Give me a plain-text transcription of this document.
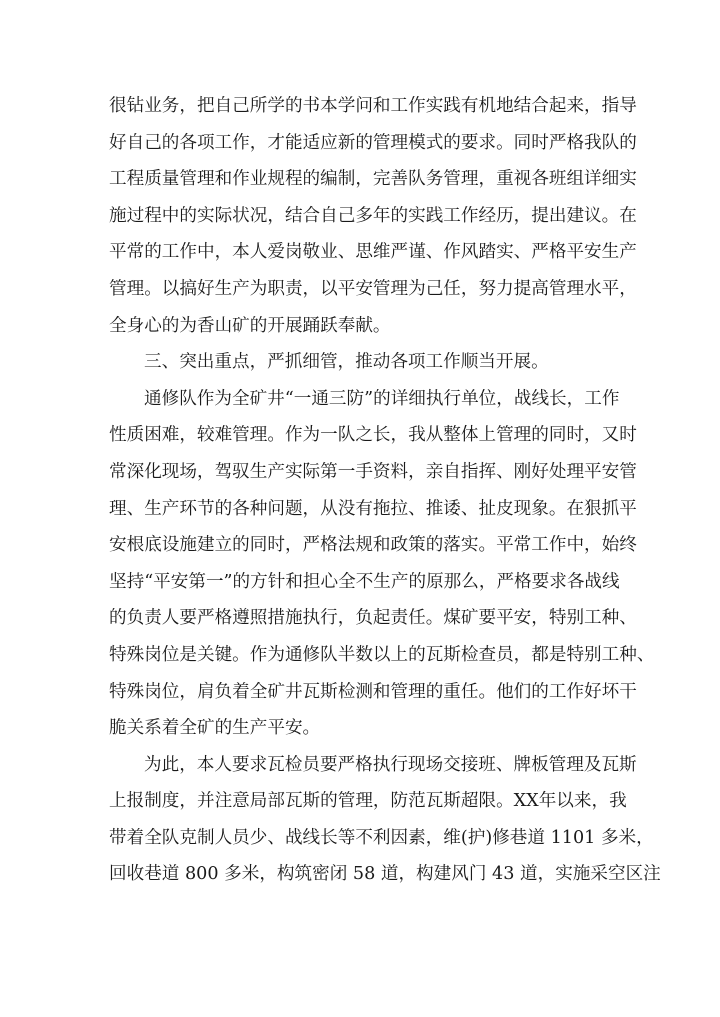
很钻业务，把自己所学的书本学问和工作实践有机地结合起来，指导
好自己的各项工作，才能适应新的管理模式的要求。同时严格我队的
工程质量管理和作业规程的编制，完善队务管理，重视各班组详细实
施过程中的实际状况，结合自己多年的实践工作经历，提出建议。在
平常的工作中，本人爱岗敬业、思维严谨、作风踏实、严格平安生产
管理。以搞好生产为职责，以平安管理为己任，努力提高管理水平，
全身心的为香山矿的开展踊跃奉献。
三、突出重点，严抓细管，推动各项工作顺当开展。
通修队作为全矿井“一通三防”的详细执行单位，战线长，工作
性质困难，较难管理。作为一队之长，我从整体上管理的同时，又时
常深化现场，驾驭生产实际第一手资料，亲自指挥、刚好处理平安管
理、生产环节的各种问题，从没有拖拉、推诿、扯皮现象。在狠抓平
安根底设施建立的同时，严格法规和政策的落实。平常工作中，始终
坚持“平安第一”的方针和担心全不生产的原那么，严格要求各战线
的负责人要严格遵照措施执行，负起责任。煤矿要平安，特别工种、
特殊岗位是关键。作为通修队半数以上的瓦斯检查员，都是特别工种、
特殊岗位，肩负着全矿井瓦斯检测和管理的重任。他们的工作好坏干
脆关系着全矿的生产平安。
为此，本人要求瓦检员要严格执行现场交接班、牌板管理及瓦斯
上报制度，并注意局部瓦斯的管理，防范瓦斯超限。XX年以来，我
带着全队克制人员少、战线长等不利因素，维(护)修巷道 1101 多米，
回收巷道 800 多米，构筑密闭 58 道，构建风门 43 道，实施采空区注
